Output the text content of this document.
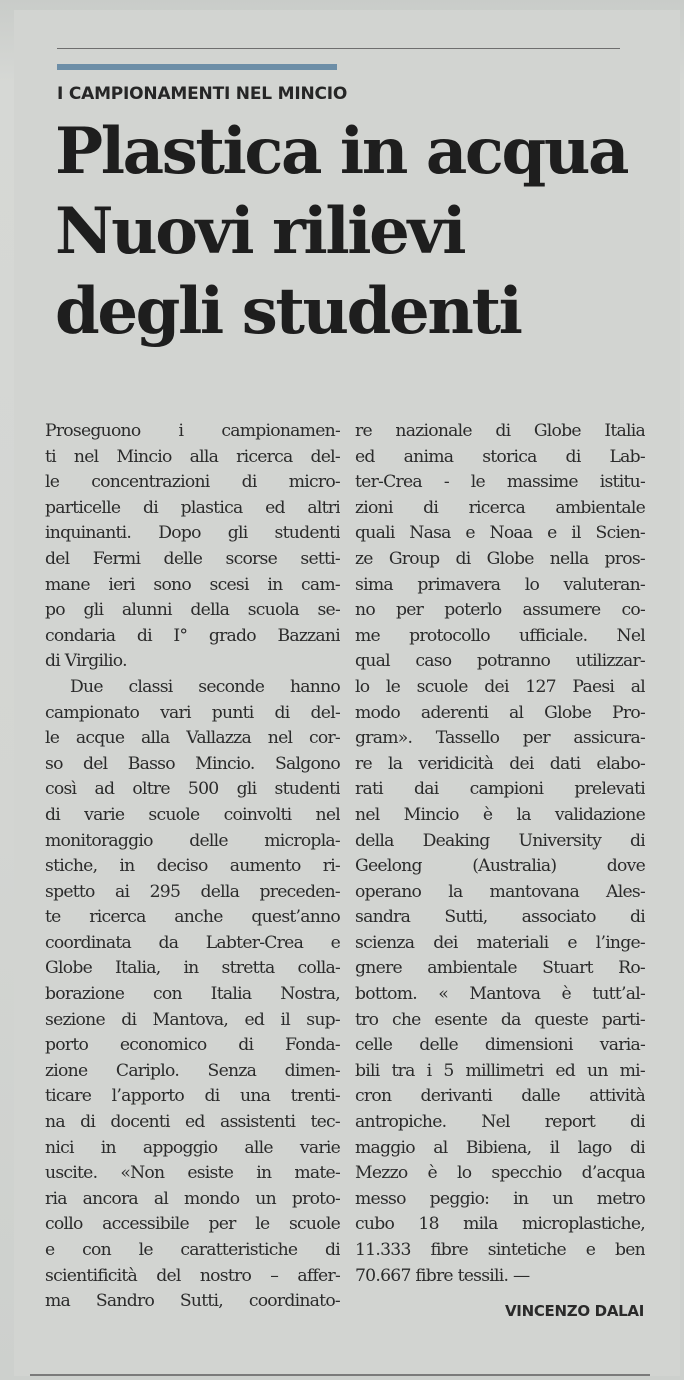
I CAMPIONAMENTI NEL MINCIO
Plastica in acqua
Nuovi rilievi
degli studenti
Proseguono i campionamen-
ti nel Mincio alla ricerca del-
le concentrazioni di micro-
particelle di plastica ed altri
inquinanti. Dopo gli studenti
del Fermi delle scorse setti-
mane ieri sono scesi in cam-
po gli alunni della scuola se-
condaria di I° grado Bazzani
di Virgilio.
Due classi seconde hanno
campionato vari punti di del-
le acque alla Vallazza nel cor-
so del Basso Mincio. Salgono
così ad oltre 500 gli studenti
di varie scuole coinvolti nel
monitoraggio delle micropla-
stiche, in deciso aumento ri-
spetto ai 295 della preceden-
te ricerca anche quest’anno
coordinata da Labter-Crea e
Globe Italia, in stretta colla-
borazione con Italia Nostra,
sezione di Mantova, ed il sup-
porto economico di Fonda-
zione Cariplo. Senza dimen-
ticare l’apporto di una trenti-
na di docenti ed assistenti tec-
nici in appoggio alle varie
uscite. «Non esiste in mate-
ria ancora al mondo un proto-
collo accessibile per le scuole
e con le caratteristiche di
scientificità del nostro – affer-
ma Sandro Sutti, coordinato-
re nazionale di Globe Italia
ed anima storica di Lab-
ter-Crea - le massime istitu-
zioni di ricerca ambientale
quali Nasa e Noaa e il Scien-
ze Group di Globe nella pros-
sima primavera lo valuteran-
no per poterlo assumere co-
me protocollo ufficiale. Nel
qual caso potranno utilizzar-
lo le scuole dei 127 Paesi al
modo aderenti al Globe Pro-
gram». Tassello per assicura-
re la veridicità dei dati elabo-
rati dai campioni prelevati
nel Mincio è la validazione
della Deaking University di
Geelong (Australia) dove
operano la mantovana Ales-
sandra Sutti, associato di
scienza dei materiali e l’inge-
gnere ambientale Stuart Ro-
bottom. « Mantova è tutt’al-
tro che esente da queste parti-
celle delle dimensioni varia-
bili tra i 5 millimetri ed un mi-
cron derivanti dalle attività
antropiche. Nel report di
maggio al Bibiena, il lago di
Mezzo è lo specchio d’acqua
messo peggio: in un metro
cubo 18 mila microplastiche,
11.333 fibre sintetiche e ben
70.667 fibre tessili. —
VINCENZO DALAI
